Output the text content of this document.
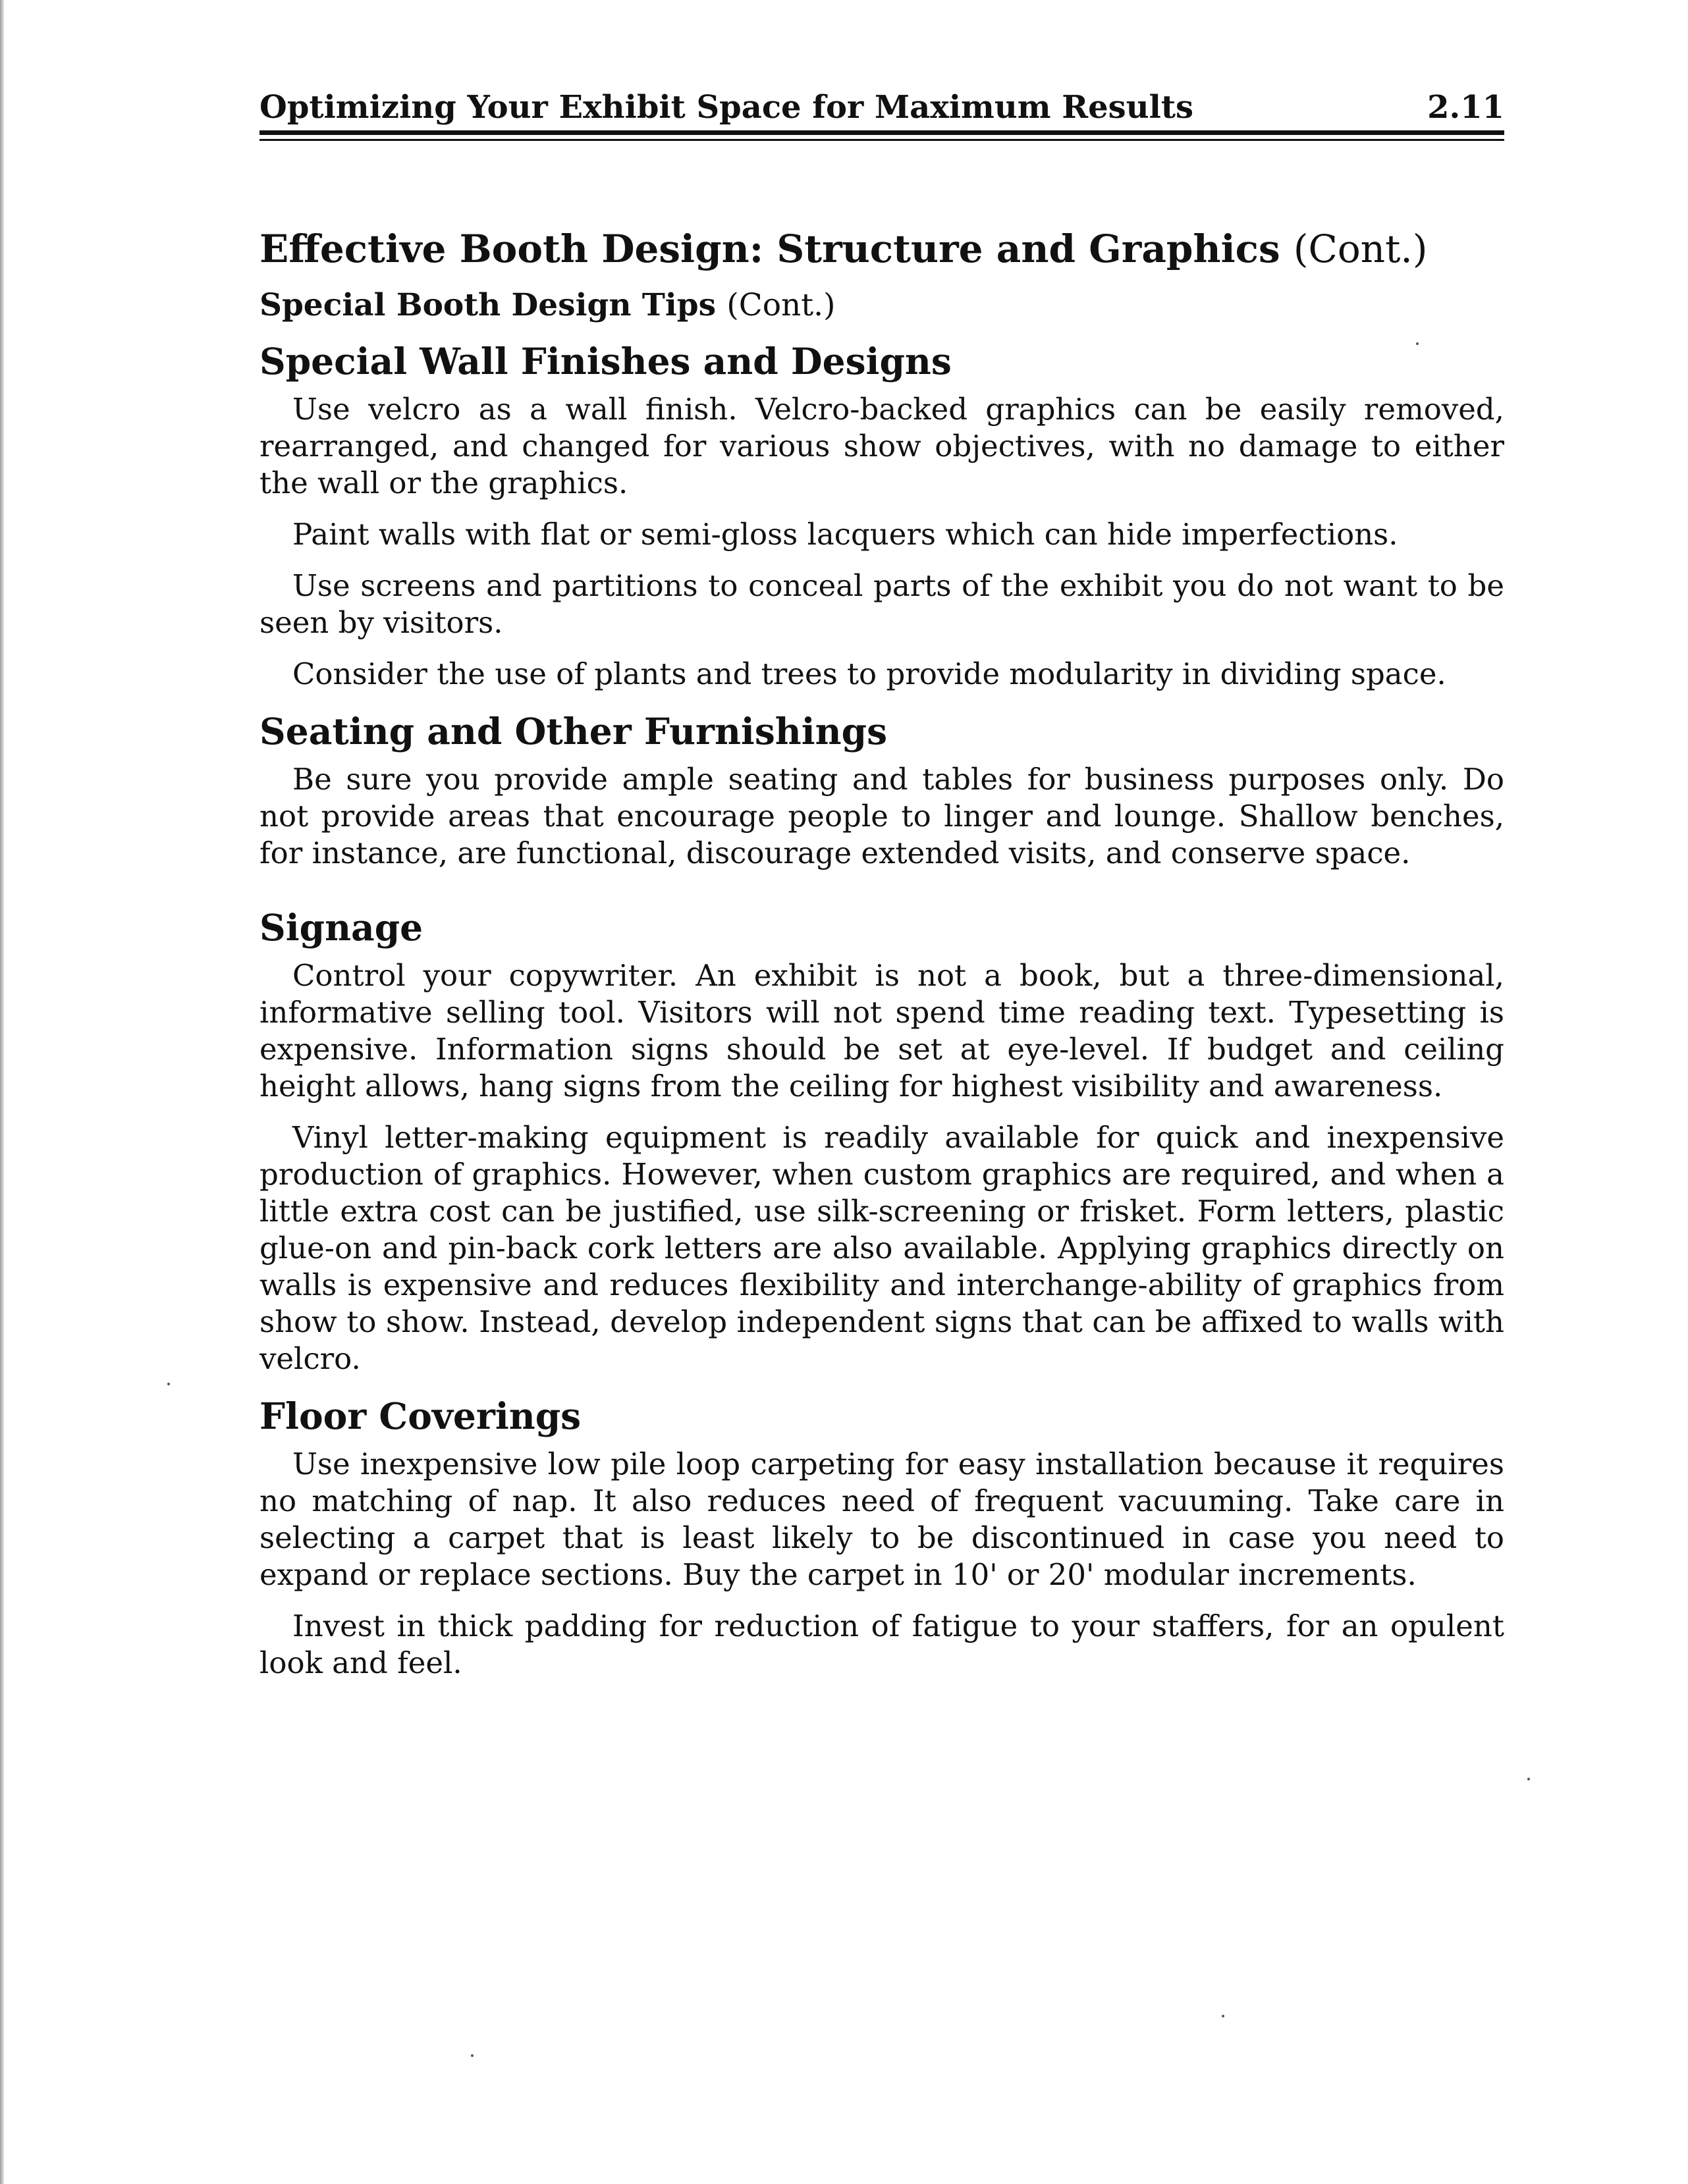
Optimizing Your Exhibit Space for Maximum Results	2.11
Effective Booth Design: Structure and Graphics (Cont.)
Special Booth Design Tips (Cont.)
Special Wall Finishes and Designs

Use velcro as a wall finish. Velcro-backed graphics can be easily removed, rearranged, and changed for various show objectives, with no damage to either the wall or the graphics.

Paint walls with flat or semi-gloss lacquers which can hide imperfections.

Use screens and partitions to conceal parts of the exhibit you do not want to be seen by visitors.

Consider the use of plants and trees to provide modularity in dividing space.

Seating and Other Furnishings

Be sure you provide ample seating and tables for business purposes only. Do not provide areas that encourage people to linger and lounge. Shallow benches, for instance, are functional, discourage extended visits, and conserve space.

Signage

Control your copywriter. An exhibit is not a book, but a three-dimensional, informative selling tool. Visitors will not spend time reading text. Typesetting is expensive. Information signs should be set at eye-level. If budget and ceiling height allows, hang signs from the ceiling for highest visibility and awareness.

Vinyl letter-making equipment is readily available for quick and inexpensive production of graphics. However, when custom graphics are required, and when a little extra cost can be justified, use silk-screening or frisket. Form letters, plastic glue-on and pin-back cork letters are also available. Applying graphics directly on walls is expensive and reduces flexibility and interchange-ability of graphics from show to show. Instead, develop independent signs that can be affixed to walls with velcro.

Floor Coverings

Use inexpensive low pile loop carpeting for easy installation because it requires no matching of nap. It also reduces need of frequent vacuuming. Take care in selecting a carpet that is least likely to be discontinued in case you need to expand or replace sections. Buy the carpet in 10' or 20' modular increments.

Invest in thick padding for reduction of fatigue to your staffers, for an opulent look and feel.
